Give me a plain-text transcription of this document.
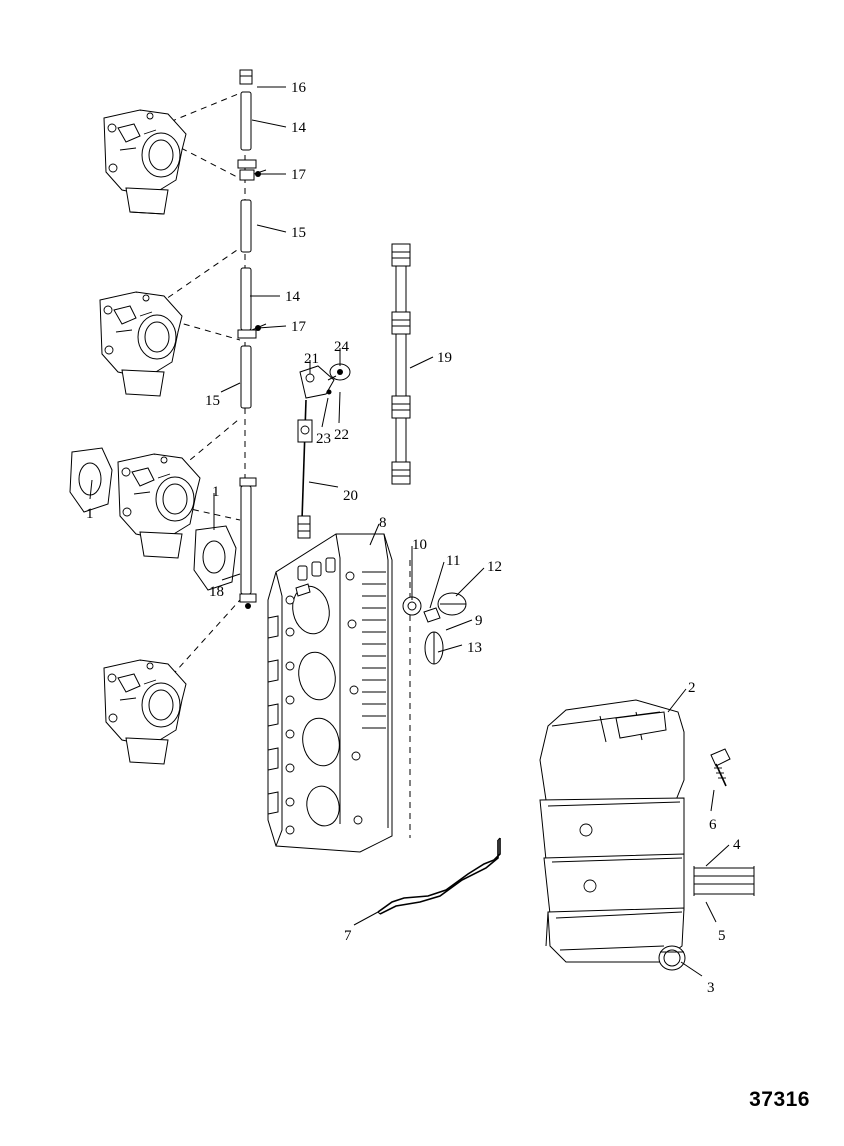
16
14
17
15
14
17
15
21
24
23 22
19
20
1
1
18
8
10
11 12
9
13
2
6
4
5
3
7
37316
